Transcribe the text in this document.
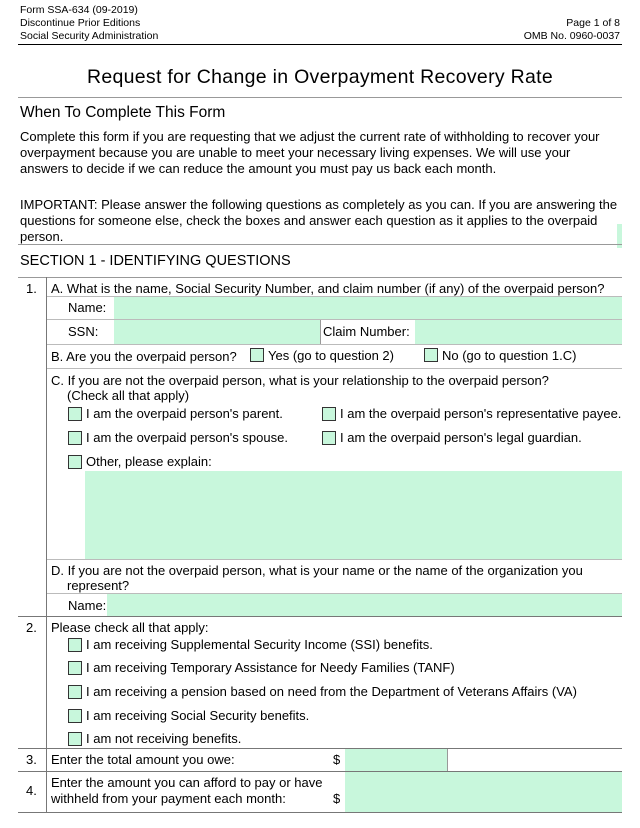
Form SSA-634 (09-2019)
Discontinue Prior Editions
Social Security Administration
Page 1 of 8
OMB No. 0960-0037
Request for Change in Overpayment Recovery Rate
When To Complete This Form
Complete this form if you are requesting that we adjust the current rate of withholding to recover your overpayment because you are unable to meet your necessary living expenses. We will use your answers to decide if we can reduce the amount you must pay us back each month.
IMPORTANT: Please answer the following questions as completely as you can. If you are answering the questions for someone else, check the boxes and answer each question as it applies to the overpaid person.
SECTION 1 - IDENTIFYING QUESTIONS
1. A. What is the name, Social Security Number, and claim number (if any) of the overpaid person?
Name:
SSN:	Claim Number:
B. Are you the overpaid person? Yes (go to question 2)	No (go to question 1.C)
C. If you are not the overpaid person, what is your relationship to the overpaid person?
(Check all that apply)
I am the overpaid person's parent.	I am the overpaid person's representative payee.
I am the overpaid person's spouse.	I am the overpaid person's legal guardian.
Other, please explain:
D. If you are not the overpaid person, what is your name or the name of the organization you
represent?
Name:
2. Please check all that apply:
I am receiving Supplemental Security Income (SSI) benefits.
I am receiving Temporary Assistance for Needy Families (TANF)
I am receiving a pension based on need from the Department of Veterans Affairs (VA)
I am receiving Social Security benefits.
I am not receiving benefits.
3. Enter the total amount you owe:	$
4.
Enter the amount you can afford to pay or have
withheld from your payment each month:	$
